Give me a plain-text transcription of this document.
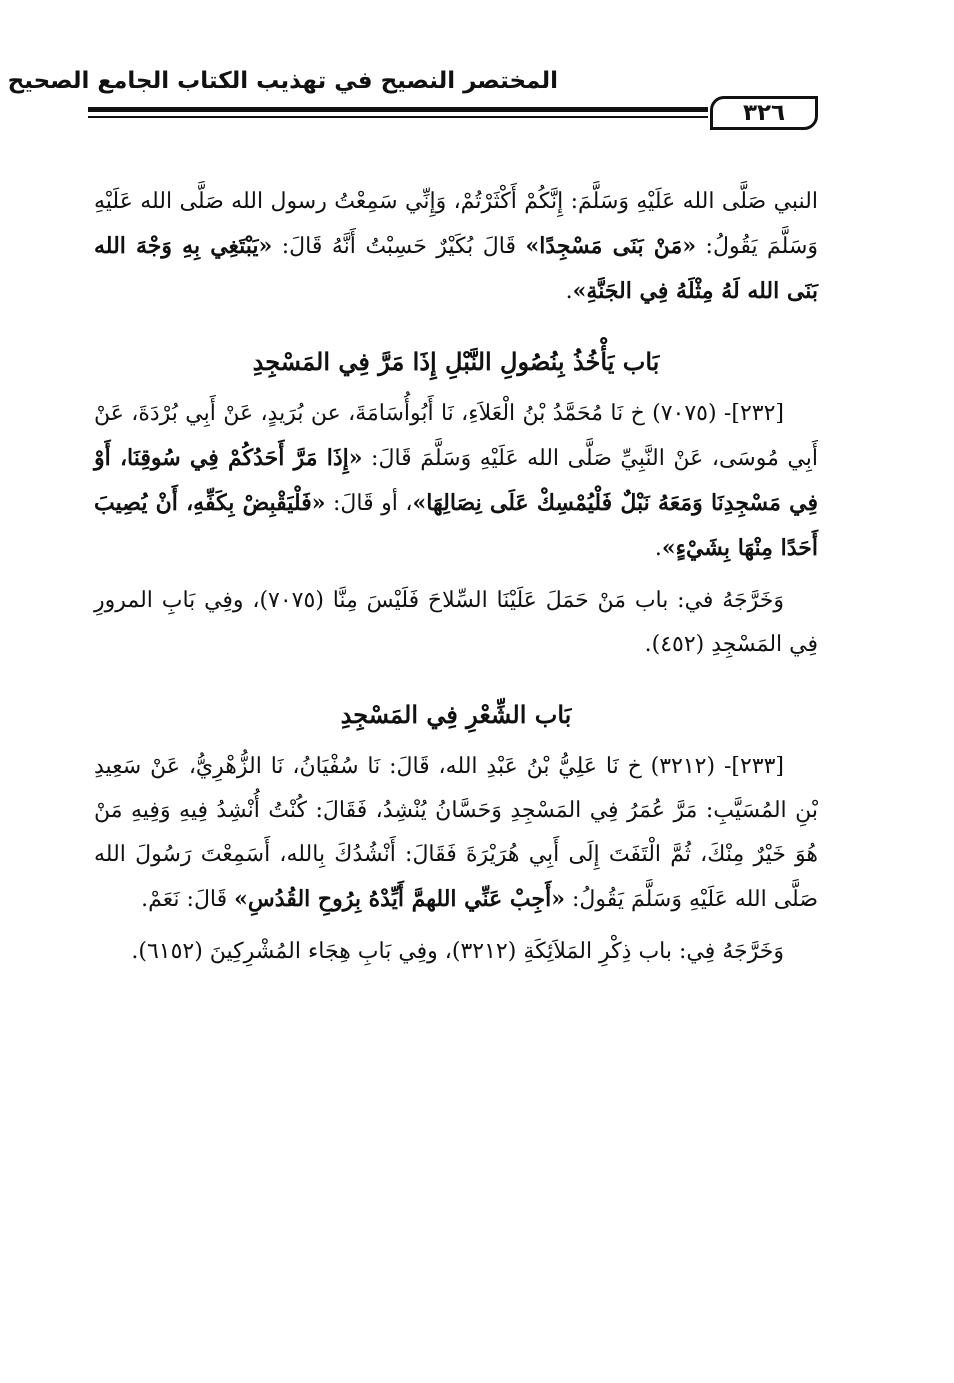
المختصر النصيح في تهذيب الكتاب الجامع الصحيح
٣٢٦

النبي صَلَّى الله عَلَيْهِ وَسَلَّمَ: إِنَّكُمْ أَكْثَرْتُمْ، وَإِنِّي سَمِعْتُ رسول الله صَلَّى الله عَلَيْهِ وَسَلَّمَ يَقُولُ: «مَنْ بَنَى مَسْجِدًا» قَالَ بُكَيْرٌ حَسِبْتُ أَنَّهُ قَالَ: «يَبْتَغِي بِهِ وَجْهَ الله بَنَى الله لَهُ مِثْلَهُ فِي الجَنَّةِ».

بَاب يَأْخُذُ بِنُصُولِ النَّبْلِ إِذَا مَرَّ فِي المَسْجِدِ

[٢٣٢]- (٧٠٧٥) خ نَا مُحَمَّدُ بْنُ الْعَلاَءِ، نَا أَبُوأُسَامَةَ، عن بُرَيدٍ، عَنْ أَبِي بُرْدَةَ، عَنْ أَبِي مُوسَى، عَنْ النَّبِيِّ صَلَّى الله عَلَيْهِ وَسَلَّمَ قَالَ: «إِذَا مَرَّ أَحَدُكُمْ فِي سُوقِنَا، أَوْ فِي مَسْجِدِنَا وَمَعَهُ نَبْلٌ فَلْيُمْسِكْ عَلَى نِصَالِهَا»، أو قَالَ: «فَلْيَقْبِضْ بِكَفِّهِ، أَنْ يُصِيبَ أَحَدًا مِنْهَا بِشَيْءٍ».

وَخَرَّجَهُ في: باب مَنْ حَمَلَ عَلَيْنَا السِّلاحَ فَلَيْسَ مِنَّا (٧٠٧٥)، وفِي بَابِ المرورِ فِي المَسْجِدِ (٤٥٢).

بَاب الشِّعْرِ فِي المَسْجِدِ

[٢٣٣]- (٣٢١٢) خ نَا عَلِيُّ بْنُ عَبْدِ الله، قَالَ: نَا سُفْيَانُ، نَا الزُّهْرِيُّ، عَنْ سَعِيدِ بْنِ المُسَيَّبِ: مَرَّ عُمَرُ فِي المَسْجِدِ وَحَسَّانُ يُنْشِدُ، فَقَالَ: كُنْتُ أُنْشِدُ فِيهِ وَفِيهِ مَنْ هُوَ خَيْرٌ مِنْكَ، ثُمَّ الْتَفَتَ إِلَى أَبِي هُرَيْرَةَ فَقَالَ: أَنْشُدُكَ بِالله، أَسَمِعْتَ رَسُولَ الله صَلَّى الله عَلَيْهِ وَسَلَّمَ يَقُولُ: «أَجِبْ عَنِّي اللهمَّ أَيِّدْهُ بِرُوحِ القُدُسِ» قَالَ: نَعَمْ.

وَخَرَّجَهُ فِي: باب ذِكْرِ المَلاَئِكَةِ (٣٢١٢)، وفِي بَابِ هِجَاء المُشْرِكِينَ (٦١٥٢).
